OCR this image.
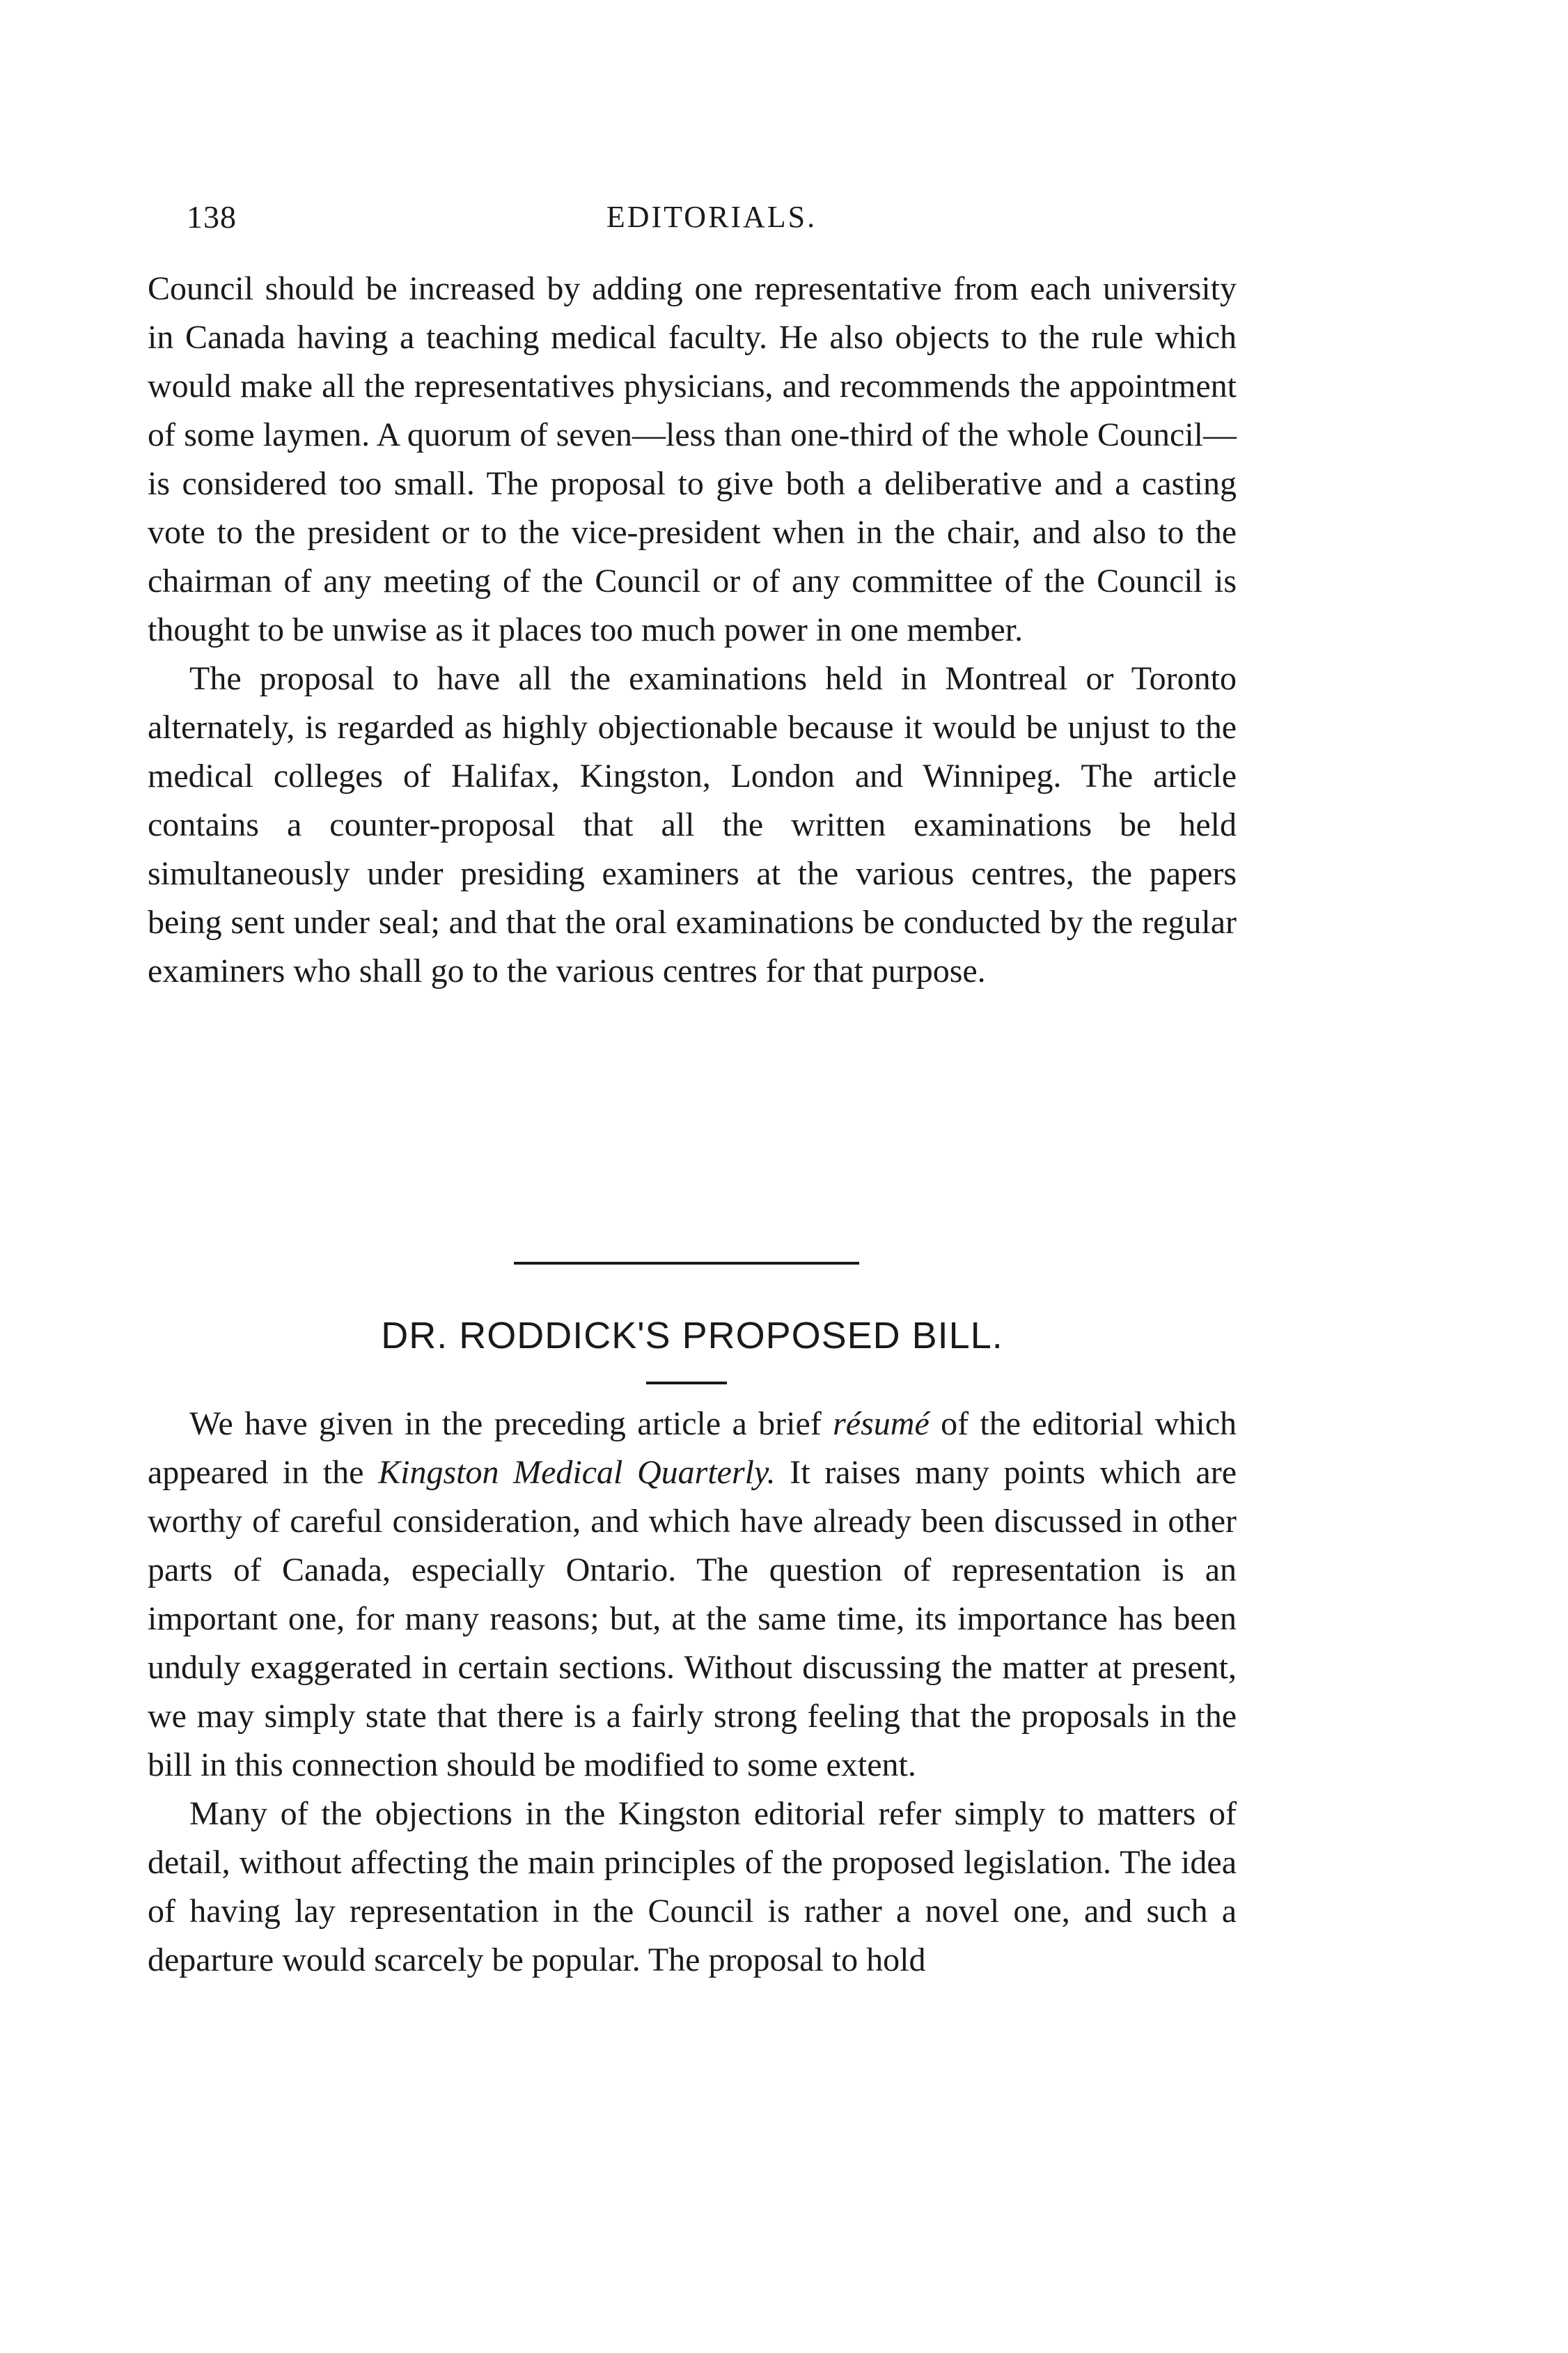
138	EDITORIALS.

Council should be increased by adding one representative from each university in Canada having a teaching medical faculty. He also objects to the rule which would make all the representatives physicians, and recommends the appointment of some laymen. A quorum of seven—less than one-third of the whole Council—is considered too small. The proposal to give both a deliberative and a casting vote to the president or to the vice-president when in the chair, and also to the chairman of any meeting of the Council or of any committee of the Council is thought to be unwise as it places too much power in one member.

The proposal to have all the examinations held in Montreal or Toronto alternately, is regarded as highly objectionable because it would be unjust to the medical colleges of Halifax, Kingston, London and Winnipeg. The article contains a counter-proposal that all the written examinations be held simultaneously under presiding examiners at the various centres, the papers being sent under seal; and that the oral examinations be conducted by the regular examiners who shall go to the various centres for that purpose.

DR. RODDICK'S PROPOSED BILL.

We have given in the preceding article a brief résumé of the editorial which appeared in the Kingston Medical Quarterly. It raises many points which are worthy of careful consideration, and which have already been discussed in other parts of Canada, especially Ontario. The question of representation is an important one, for many reasons; but, at the same time, its importance has been unduly exaggerated in certain sections. Without discussing the matter at present, we may simply state that there is a fairly strong feeling that the proposals in the bill in this connection should be modified to some extent.

Many of the objections in the Kingston editorial refer simply to matters of detail, without affecting the main principles of the proposed legislation. The idea of having lay representation in the Council is rather a novel one, and such a departure would scarcely be popular. The proposal to hold
